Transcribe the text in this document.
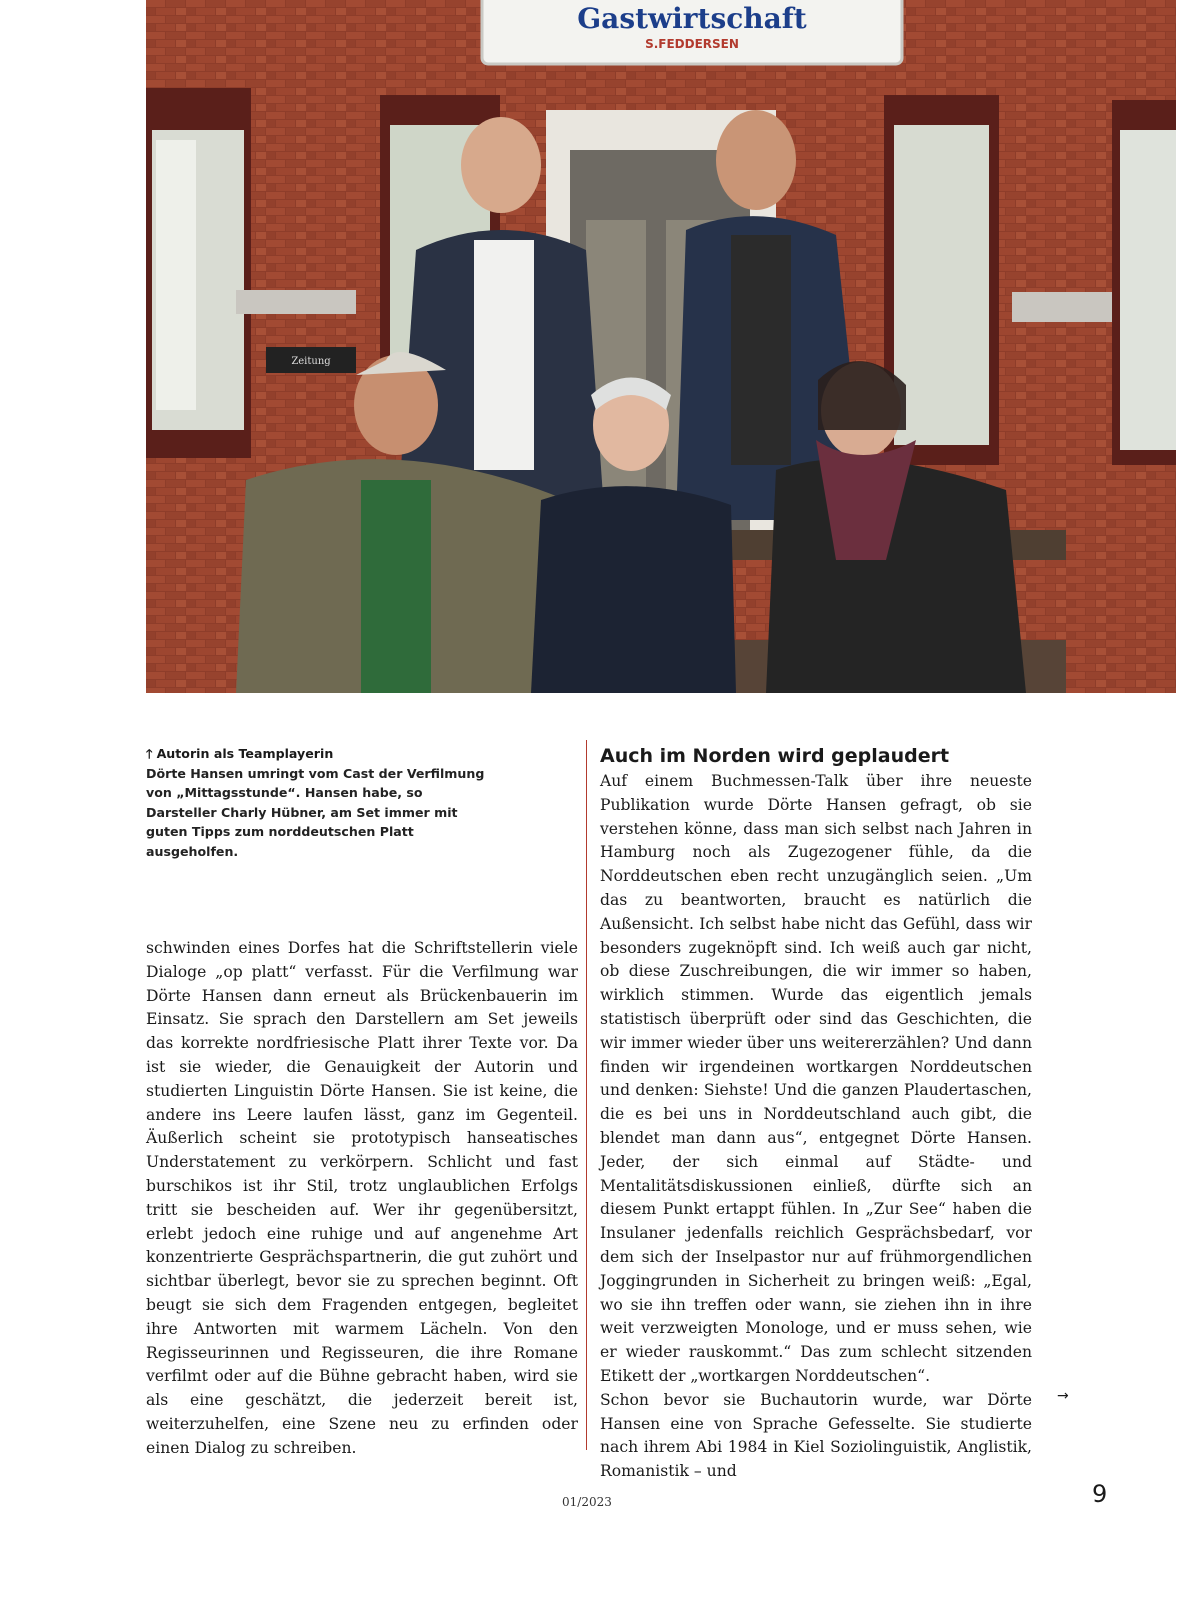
Gastwirtschaft
S.FEDDERSEN
Zeitung
🡑 Autorin als Teamplayerin
Dörte Hansen umringt vom Cast der Verfilmung von „Mittagsstunde“. Hansen habe, so Darsteller Charly Hübner, am Set immer mit guten Tipps zum norddeutschen Platt ausgeholfen.

schwinden eines Dorfes hat die Schriftstellerin viele Dialoge „op platt“ verfasst. Für die Verfilmung war Dörte Hansen dann erneut als Brückenbauerin im Einsatz. Sie sprach den Darstellern am Set jeweils das korrekte nordfriesische Platt ihrer Texte vor. Da ist sie wieder, die Genauigkeit der Autorin und studierten Linguistin Dörte Hansen. Sie ist keine, die andere ins Leere laufen lässt, ganz im Gegenteil. Äußerlich scheint sie prototypisch hanseatisches Understatement zu verkörpern. Schlicht und fast burschikos ist ihr Stil, trotz unglaublichen Erfolgs tritt sie bescheiden auf. Wer ihr gegenübersitzt, erlebt jedoch eine ruhige und auf angenehme Art konzentrierte Gesprächspartnerin, die gut zuhört und sichtbar überlegt, bevor sie zu sprechen beginnt. Oft beugt sie sich dem Fragenden entgegen, begleitet ihre Antworten mit warmem Lächeln. Von den Regisseurinnen und Regisseuren, die ihre Romane verfilmt oder auf die Bühne gebracht haben, wird sie als eine geschätzt, die jederzeit bereit ist, weiterzuhelfen, eine Szene neu zu erfinden oder einen Dialog zu schreiben.

Auch im Norden wird geplaudert

Auf einem Buchmessen-Talk über ihre neueste Publikation wurde Dörte Hansen gefragt, ob sie verstehen könne, dass man sich selbst nach Jahren in Hamburg noch als Zugezogener fühle, da die Norddeutschen eben recht unzugänglich seien. „Um das zu beantworten, braucht es natürlich die Außensicht. Ich selbst habe nicht das Gefühl, dass wir besonders zugeknöpft sind. Ich weiß auch gar nicht, ob diese Zuschreibungen, die wir immer so haben, wirklich stimmen. Wurde das eigentlich jemals statistisch überprüft oder sind das Geschichten, die wir immer wieder über uns weitererzählen? Und dann finden wir irgendeinen wortkargen Norddeutschen und denken: Siehste! Und die ganzen Plaudertaschen, die es bei uns in Norddeutschland auch gibt, die blendet man dann aus“, entgegnet Dörte Hansen. Jeder, der sich einmal auf Städte- und Mentalitätsdiskussionen einließ, dürfte sich an diesem Punkt ertappt fühlen. In „Zur See“ haben die Insulaner jedenfalls reichlich Gesprächsbedarf, vor dem sich der Inselpastor nur auf frühmorgendlichen Joggingrunden in Sicherheit zu bringen weiß: „Egal, wo sie ihn treffen oder wann, sie ziehen ihn in ihre weit verzweigten Monologe, und er muss sehen, wie er wieder rauskommt.“ Das zum schlecht sitzenden Etikett der „wortkargen Norddeutschen“.

Schon bevor sie Buchautorin wurde, war Dörte Hansen eine von Sprache Gefesselte. Sie studierte nach ihrem Abi 1984 in Kiel Soziolinguistik, Anglistik, Romanistik – und

→
01/2023	9
